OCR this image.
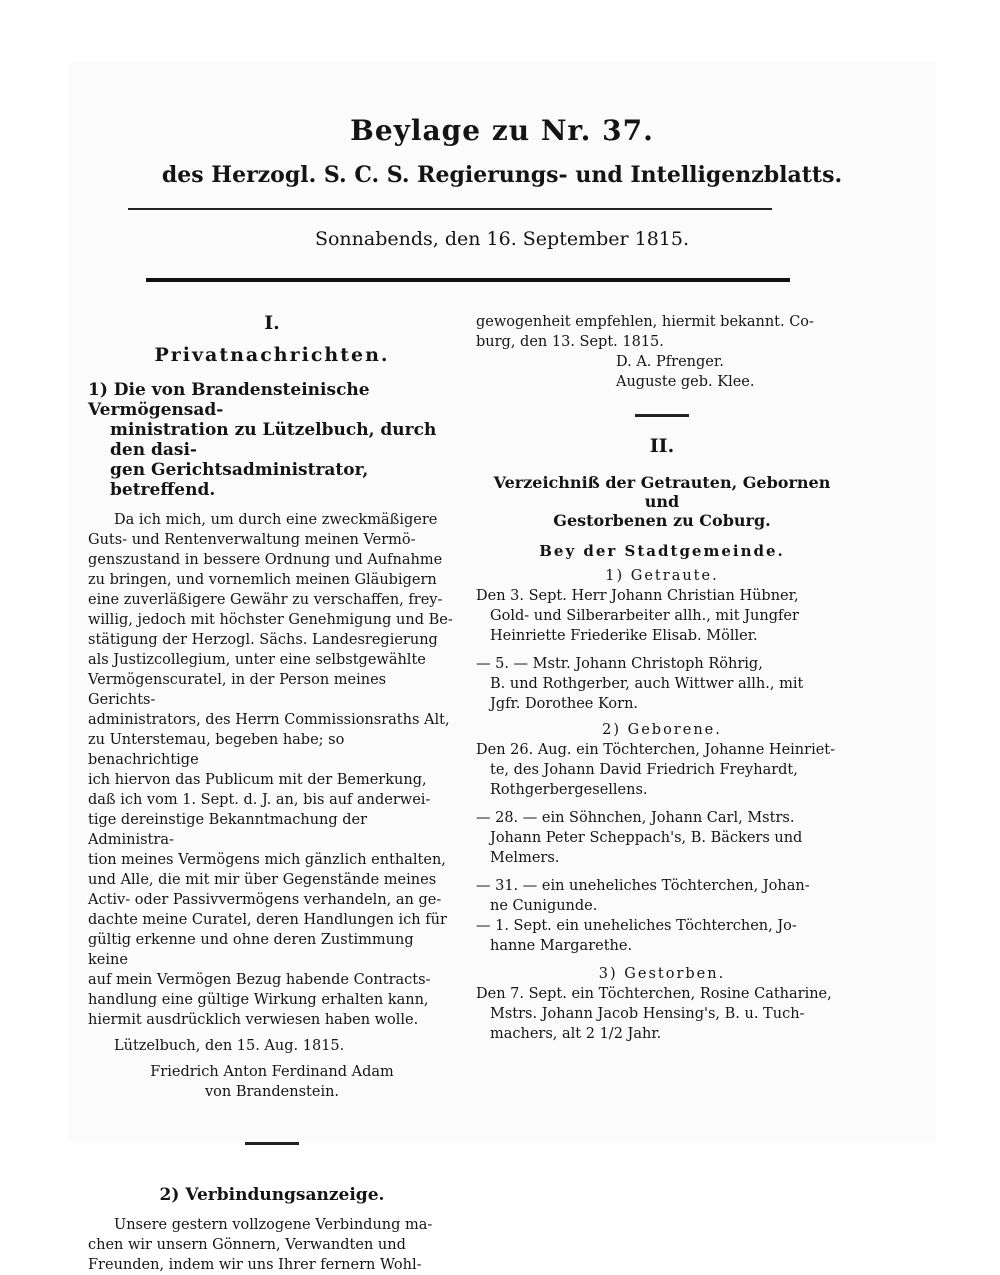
Beylage zu Nr. 37.
des Herzogl. S. C. S. Regierungs- und Intelligenzblatts.
Sonnabends, den 16. September 1815.
I.
Privatnachrichten.
1) Die von Brandensteinische Vermögensad-
ministration zu Lützelbuch, durch den dasi-
gen Gerichtsadministrator, betreffend.
Da ich mich, um durch eine zweckmäßigere
Guts- und Rentenverwaltung meinen Vermö-
genszustand in bessere Ordnung und Aufnahme
zu bringen, und vornemlich meinen Gläubigern
eine zuverläßigere Gewähr zu verschaffen, frey-
willig, jedoch mit höchster Genehmigung und Be-
stätigung der Herzogl. Sächs. Landesregierung
als Justizcollegium, unter eine selbstgewählte
Vermögenscuratel, in der Person meines Gerichts-
administrators, des Herrn Commissionsraths Alt,
zu Unterstemau, begeben habe; so benachrichtige
ich hiervon das Publicum mit der Bemerkung,
daß ich vom 1. Sept. d. J. an, bis auf anderwei-
tige dereinstige Bekanntmachung der Administra-
tion meines Vermögens mich gänzlich enthalten,
und Alle, die mit mir über Gegenstände meines
Activ- oder Passivvermögens verhandeln, an ge-
dachte meine Curatel, deren Handlungen ich für
gültig erkenne und ohne deren Zustimmung keine
auf mein Vermögen Bezug habende Contracts-
handlung eine gültige Wirkung erhalten kann,
hiermit ausdrücklich verwiesen haben wolle.
Lützelbuch, den 15. Aug. 1815.
Friedrich Anton Ferdinand Adam
von Brandenstein.
2) Verbindungsanzeige.
Unsere gestern vollzogene Verbindung ma-
chen wir unsern Gönnern, Verwandten und
Freunden, indem wir uns Ihrer fernern Wohl-
gewogenheit empfehlen, hiermit bekannt. Co-
burg, den 13. Sept. 1815.
D. A. Pfrenger.
Auguste geb. Klee.
II.
Verzeichniß der Getrauten, Gebornen und
Gestorbenen zu Coburg.
Bey der Stadtgemeinde.
1) Getraute.
Den 3. Sept. Herr Johann Christian Hübner,
Gold- und Silberarbeiter allh., mit Jungfer
Heinriette Friederike Elisab. Möller.
— 5. — Mstr. Johann Christoph Röhrig,
B. und Rothgerber, auch Wittwer allh., mit
Jgfr. Dorothee Korn.
2) Geborene.
Den 26. Aug. ein Töchterchen, Johanne Heinriet-
te, des Johann David Friedrich Freyhardt,
Rothgerbergesellens.
— 28. — ein Söhnchen, Johann Carl, Mstrs.
Johann Peter Scheppach's, B. Bäckers und
Melmers.
— 31. — ein uneheliches Töchterchen, Johan-
ne Cunigunde.
— 1. Sept. ein uneheliches Töchterchen, Jo-
hanne Margarethe.
3) Gestorben.
Den 7. Sept. ein Töchterchen, Rosine Catharine,
Mstrs. Johann Jacob Hensing's, B. u. Tuch-
machers, alt 2 1/2 Jahr.
